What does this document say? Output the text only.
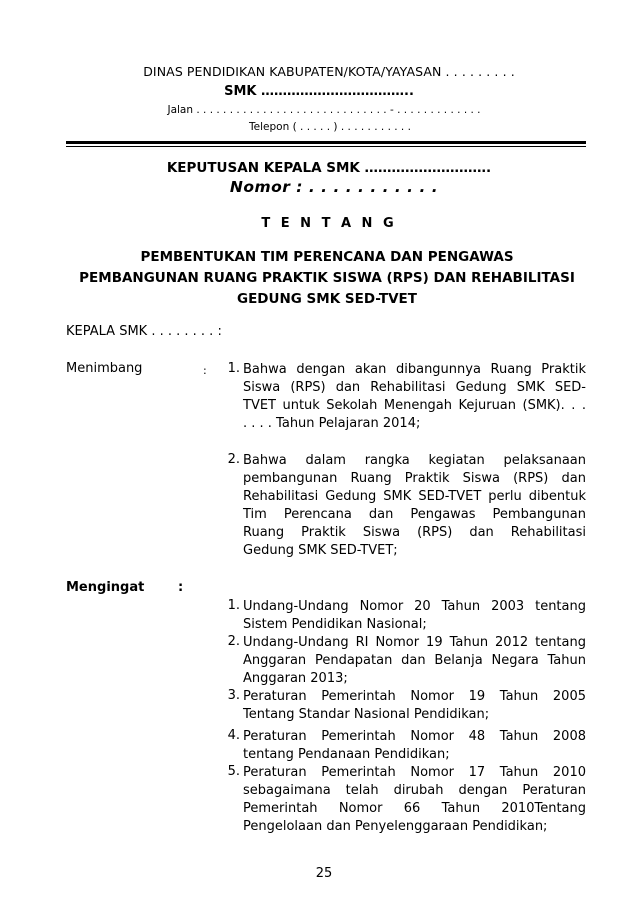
DINAS PENDIDIKAN KABUPATEN/KOTA/YAYASAN . . . . . . . . .
SMK ……………………………..
Jalan . . . . . . . . . . . . . . . . . . . . . . . . . . . . . - . . . . . . . . . . . . .
Telepon ( . . . . . ) . . . . . . . . . . .
KEPUTUSAN KEPALA SMK ……………………….
Nomor : . . . . . . . . . . .
T E N T A N G
PEMBENTUKAN TIM PERENCANA DAN PENGAWAS
PEMBANGUNAN RUANG PRAKTIK SISWA (RPS) DAN REHABILITASI
GEDUNG SMK SED-TVET
KEPALA SMK . . . . . . . . :
Menimbang	:	1. Bahwa dengan akan dibangunnya Ruang Praktik
Siswa (RPS) dan Rehabilitasi Gedung SMK SED-
TVET untuk Sekolah Menengah Kejuruan (SMK). . .
. . . . Tahun Pelajaran 2014;
2. Bahwa dalam rangka kegiatan pelaksanaan
pembangunan Ruang Praktik Siswa (RPS) dan
Rehabilitasi Gedung SMK SED-TVET perlu dibentuk
Tim Perencana dan Pengawas Pembangunan
Ruang Praktik Siswa (RPS) dan Rehabilitasi
Gedung SMK SED-TVET;
Mengingat	:
1. Undang-Undang Nomor 20 Tahun 2003 tentang
Sistem Pendidikan Nasional;
2. Undang-Undang RI Nomor 19 Tahun 2012 tentang
Anggaran Pendapatan dan Belanja Negara Tahun
Anggaran 2013;
3. Peraturan Pemerintah Nomor 19 Tahun 2005
Tentang Standar Nasional Pendidikan;
4. Peraturan Pemerintah Nomor 48 Tahun 2008
tentang Pendanaan Pendidikan;
5. Peraturan Pemerintah Nomor 17 Tahun 2010
sebagaimana telah dirubah dengan Peraturan
Pemerintah Nomor 66 Tahun 2010Tentang
Pengelolaan dan Penyelenggaraan Pendidikan;
25
